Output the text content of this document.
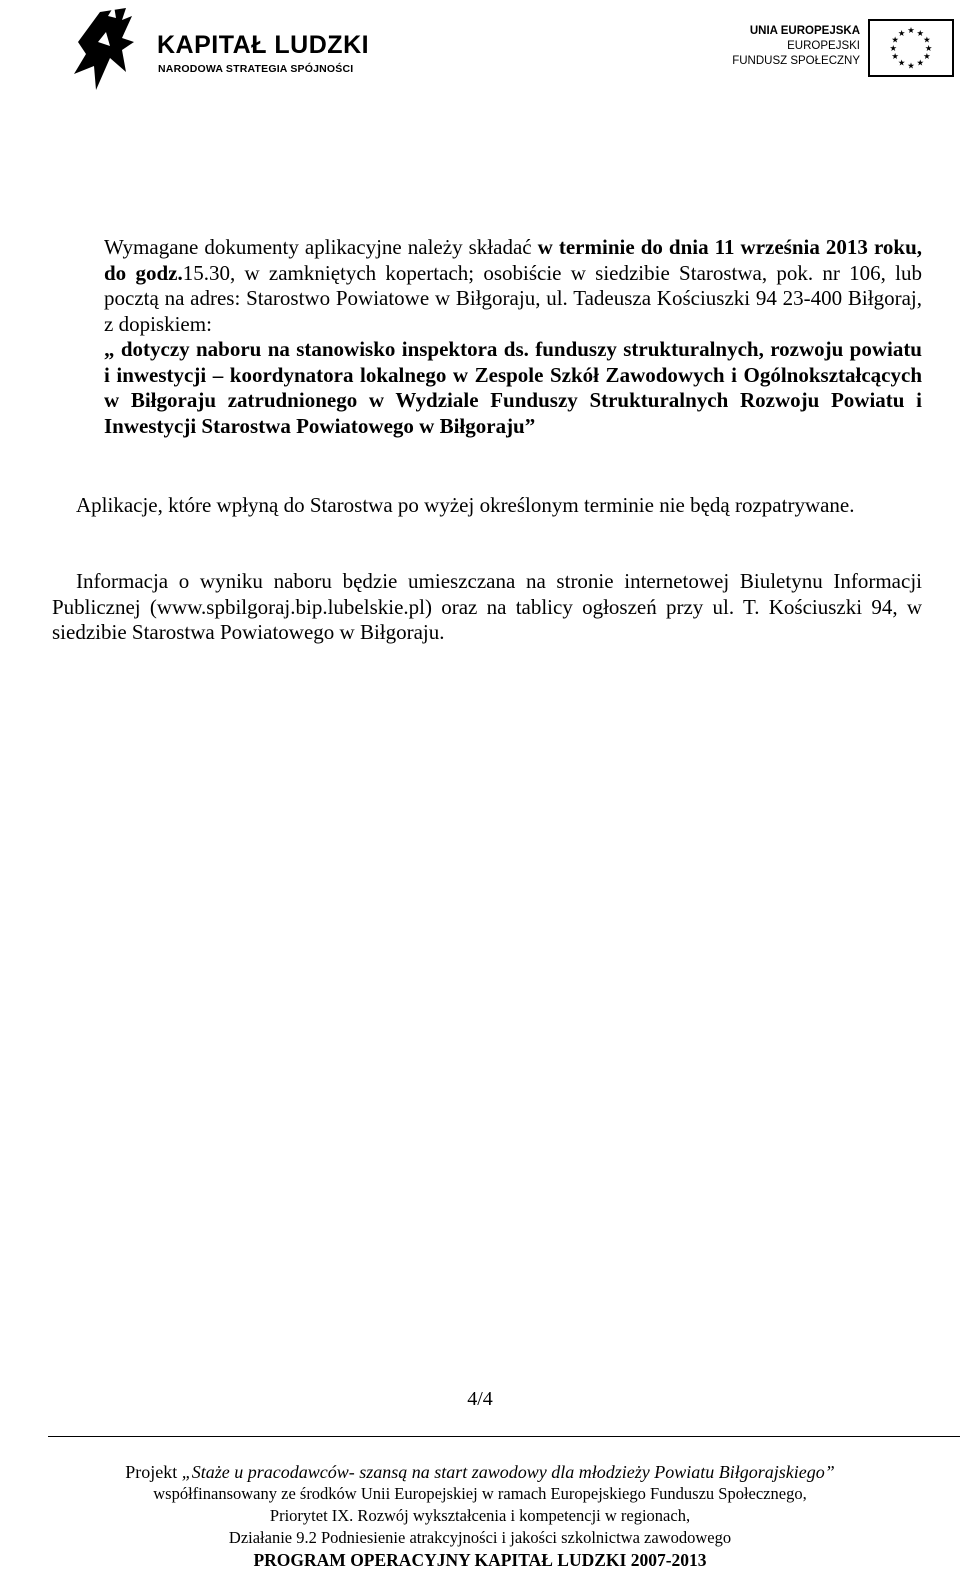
KAPITAŁ LUDZKI
NARODOWA STRATEGIA SPÓJNOŚCI
UNIA EUROPEJSKA
EUROPEJSKI
FUNDUSZ SPOŁECZNY
★ ★
★
★
★
★
★
★
★
★
★
★
Wymagane dokumenty aplikacyjne należy składać w terminie do dnia 11 września 2013 roku, do godz.15.30, w zamkniętych kopertach; osobiście w siedzibie Starostwa, pok. nr 106, lub pocztą na adres: Starostwo Powiatowe w Biłgoraju, ul. Tadeusza Kościuszki 94 23-400 Biłgoraj, z dopiskiem:
„ dotyczy naboru na stanowisko inspektora ds. funduszy strukturalnych, rozwoju powiatu i inwestycji – koordynatora lokalnego w Zespole Szkół Zawodowych i Ogólnokształcących w Biłgoraju zatrudnionego w Wydziale Funduszy Strukturalnych Rozwoju Powiatu i Inwestycji Starostwa Powiatowego w Biłgoraju”
Aplikacje, które wpłyną do Starostwa po wyżej określonym terminie nie będą rozpatrywane.
Informacja o wyniku naboru będzie umieszczana na stronie internetowej Biuletynu Informacji Publicznej (www.spbilgoraj.bip.lubelskie.pl) oraz na tablicy ogłoszeń przy ul. T. Kościuszki 94, w siedzibie Starostwa Powiatowego w Biłgoraju.
4/4
Projekt „Staże u pracodawców- szansą na start zawodowy dla młodzieży Powiatu Biłgorajskiego”
współfinansowany ze środków Unii Europejskiej w ramach Europejskiego Funduszu Społecznego,
Priorytet IX. Rozwój wykształcenia i kompetencji w regionach,
Działanie 9.2 Podniesienie atrakcyjności i jakości szkolnictwa zawodowego
PROGRAM OPERACYJNY KAPITAŁ LUDZKI 2007-2013
